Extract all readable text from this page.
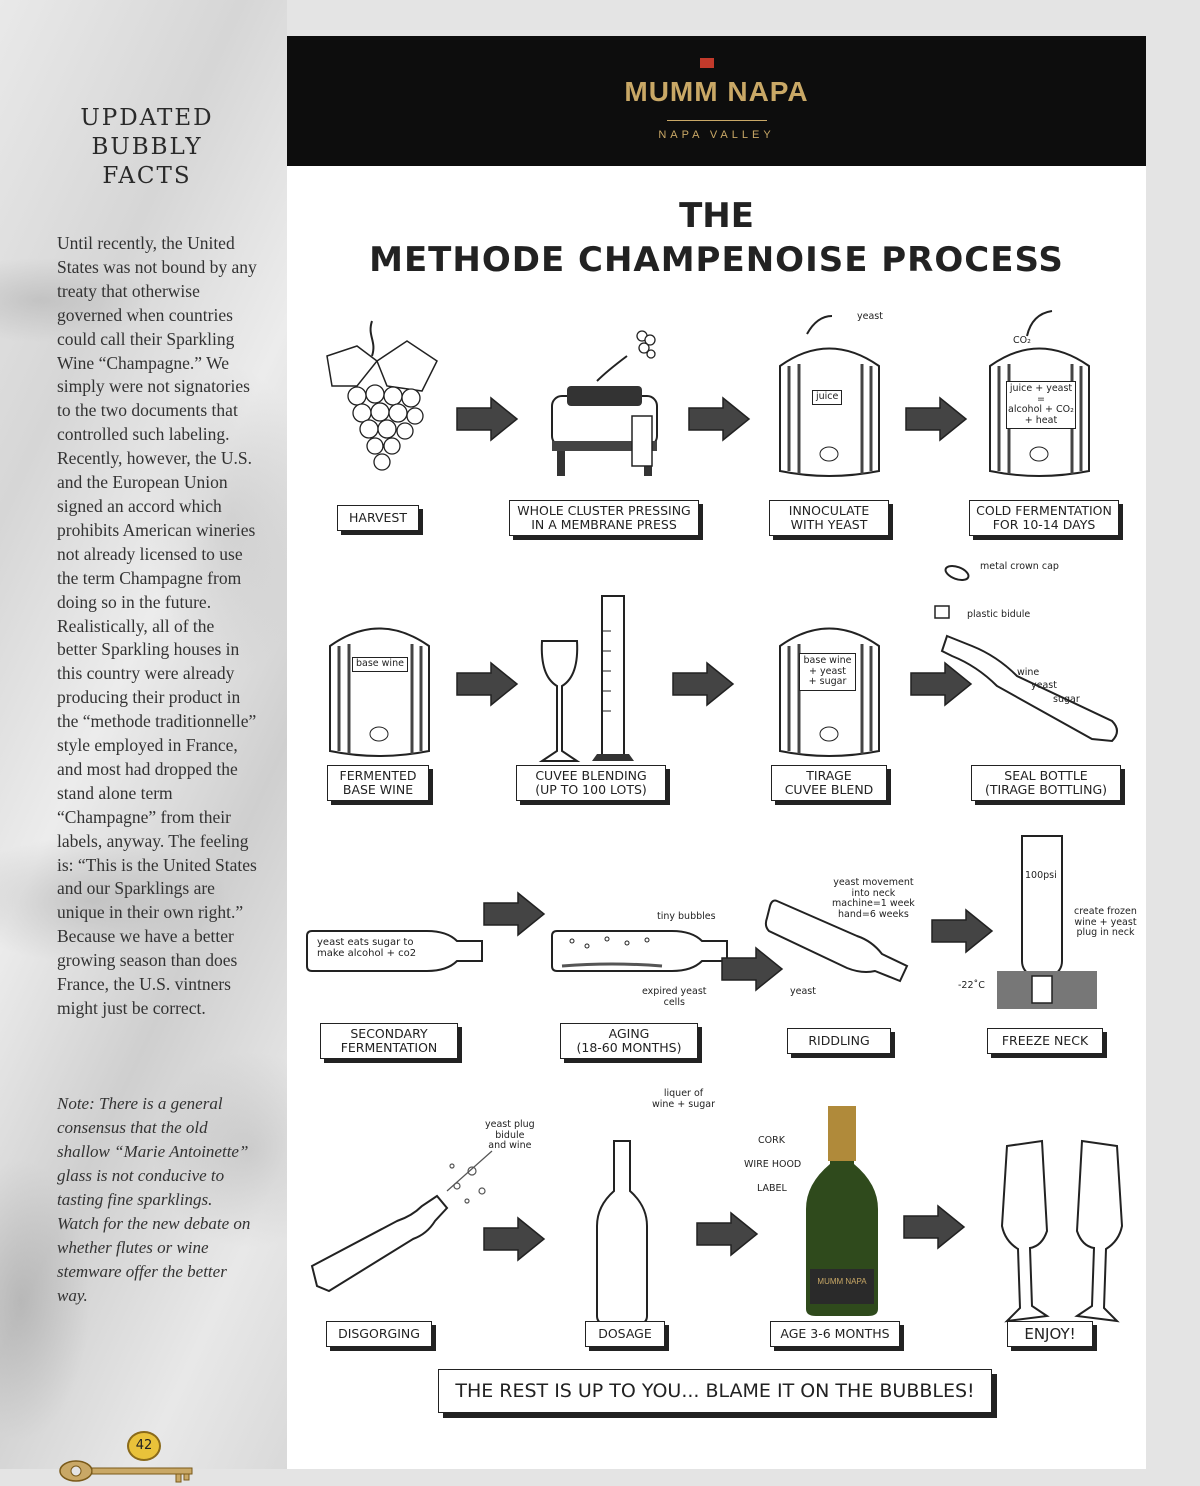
UPDATED
BUBBLY
FACTS
Until recently, the United States was not bound by any treaty that otherwise governed when countries could call their Sparkling Wine “Champagne.” We simply were not signatories to the two documents that controlled such labeling. Recently, however, the U.S. and the European Union signed an accord which prohibits American wineries not already licensed to use the term Champagne from doing so in the future. Realistically, all of the better Sparkling houses in this country were already producing their product in the “methode traditionnelle” style employed in France, and most had dropped the stand alone term “Champagne” from their labels, anyway. The feeling is: “This is the United States and our Sparklings are unique in their own right.” Because we have a better growing season than does France, the U.S. vintners might just be correct.
Note: There is a general consensus that the old shallow “Marie Antoinette” glass is not conducive to tasting fine sparklings. Watch for the new debate on whether flutes or wine stemware offer the better way.
42
MUMM NAPA
NAPA VALLEY
THE
METHODE CHAMPENOISE PROCESS
yeast
juice
CO₂
juice + yeast
=
alcohol + CO₂
+ heat
base wine	base wine
+ yeast
+ sugar
metal crown cap
plastic bidule
wine
yeast
sugar
yeast eats sugar to
make alcohol + co2
tiny bubbles
expired yeast
cells
yeast movement
into neck
machine=1 week
hand=6 weeks
yeast
100psi
create frozen
wine + yeast
plug in neck
-22˚C
yeast plug
bidule
and wine
liquer of
wine + sugar
CORK
WIRE HOOD
LABEL
MUMM NAPA
HARVEST	WHOLE CLUSTER PRESSING
IN A MEMBRANE PRESS
INNOCULATE
WITH YEAST
COLD FERMENTATION
FOR 10-14 DAYS
FERMENTED
BASE WINE
CUVEE BLENDING
(UP TO 100 LOTS)
TIRAGE
CUVEE BLEND
SEAL BOTTLE
(TIRAGE BOTTLING)
SECONDARY
FERMENTATION
AGING
(18-60 MONTHS)	RIDDLING	FREEZE NECK
DISGORGING	DOSAGE	AGE 3-6 MONTHS	ENJOY!
THE REST IS UP TO YOU... BLAME IT ON THE BUBBLES!
